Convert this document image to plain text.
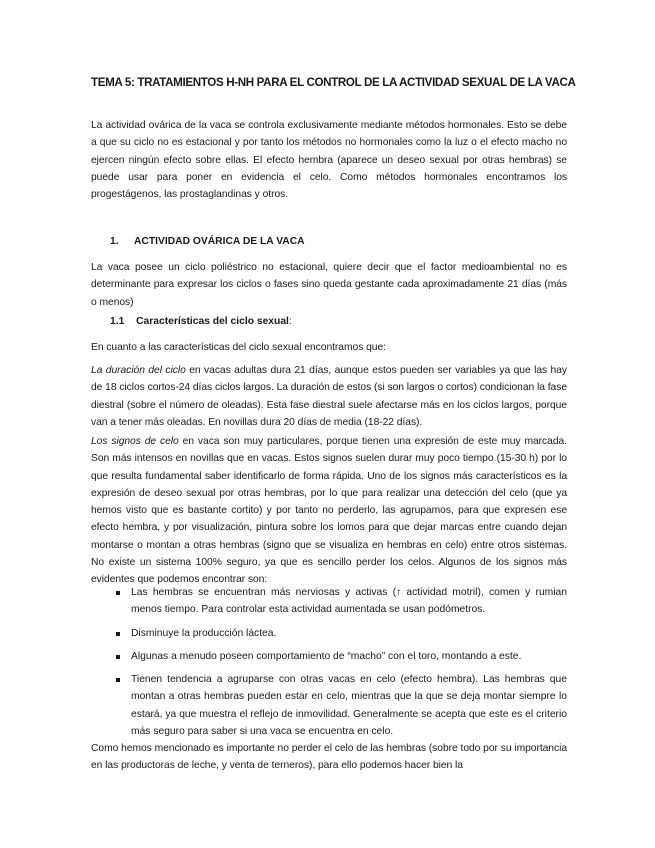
TEMA 5: TRATAMIENTOS H-NH PARA EL CONTROL DE LA ACTIVIDAD SEXUAL DE LA VACA

La actividad ovárica de la vaca se controla exclusivamente mediante métodos hormonales. Esto se debe a que su ciclo no es estacional y por tanto los métodos no hormonales como la luz o el efecto macho no ejercen ningún efecto sobre ellas. El efecto hembra (aparece un deseo sexual por otras hembras) se puede usar para poner en evidencia el celo. Como métodos hormonales encontramos los progestágenos, las prostaglandinas y otros.

1. ACTIVIDAD OVÁRICA DE LA VACA

La vaca posee un ciclo poliéstrico no estacional, quiere decir que el factor medioambiental no es determinante para expresar los ciclos o fases sino queda gestante cada aproximadamente 21 días (más o menos)

1.1 Características del ciclo sexual:

En cuanto a las características del ciclo sexual encontramos que:

La duración del ciclo en vacas adultas dura 21 días, aunque estos pueden ser variables ya que las hay de 18 ciclos cortos-24 días ciclos largos. La duración de estos (si son largos o cortos) condicionan la fase diestral (sobre el número de oleadas). Esta fase diestral suele afectarse más en los ciclos largos, porque van a tener más oleadas. En novillas dura 20 días de media (18-22 días).

Los signos de celo en vaca son muy particulares, porque tienen una expresión de este muy marcada. Son más intensos en novillas que en vacas. Estos signos suelen durar muy poco tiempo (15-30 h) por lo que resulta fundamental saber identificarlo de forma rápida. Uno de los signos más característicos es la expresión de deseo sexual por otras hembras, por lo que para realizar una detección del celo (que ya hemos visto que es bastante cortito) y por tanto no perderlo, las agrupamos, para que expresen ese efecto hembra, y por visualización, pintura sobre los lomos para que dejar marcas entre cuando dejan montarse o montan a otras hembras (signo que se visualiza en hembras en celo) entre otros sistemas. No existe un sistema 100% seguro, ya que es sencillo perder los celos. Algunos de los signos más evidentes que podemos encontrar son:

Las hembras se encuentran más nerviosas y activas (↑ actividad motril), comen y rumian menos tiempo. Para controlar esta actividad aumentada se usan podómetros.
Disminuye la producción láctea.
Algunas a menudo poseen comportamiento de “macho” con el toro, montando a este.
Tienen tendencia a agruparse con otras vacas en celo (efecto hembra). Las hembras que montan a otras hembras pueden estar en celo, mientras que la que se deja montar siempre lo estará, ya que muestra el reflejo de inmovilidad. Generalmente se acepta que este es el criterio más seguro para saber si una vaca se encuentra en celo.

Como hemos mencionado es importante no perder el celo de las hembras (sobre todo por su importancia en las productoras de leche, y venta de terneros), para ello podemos hacer bien la
